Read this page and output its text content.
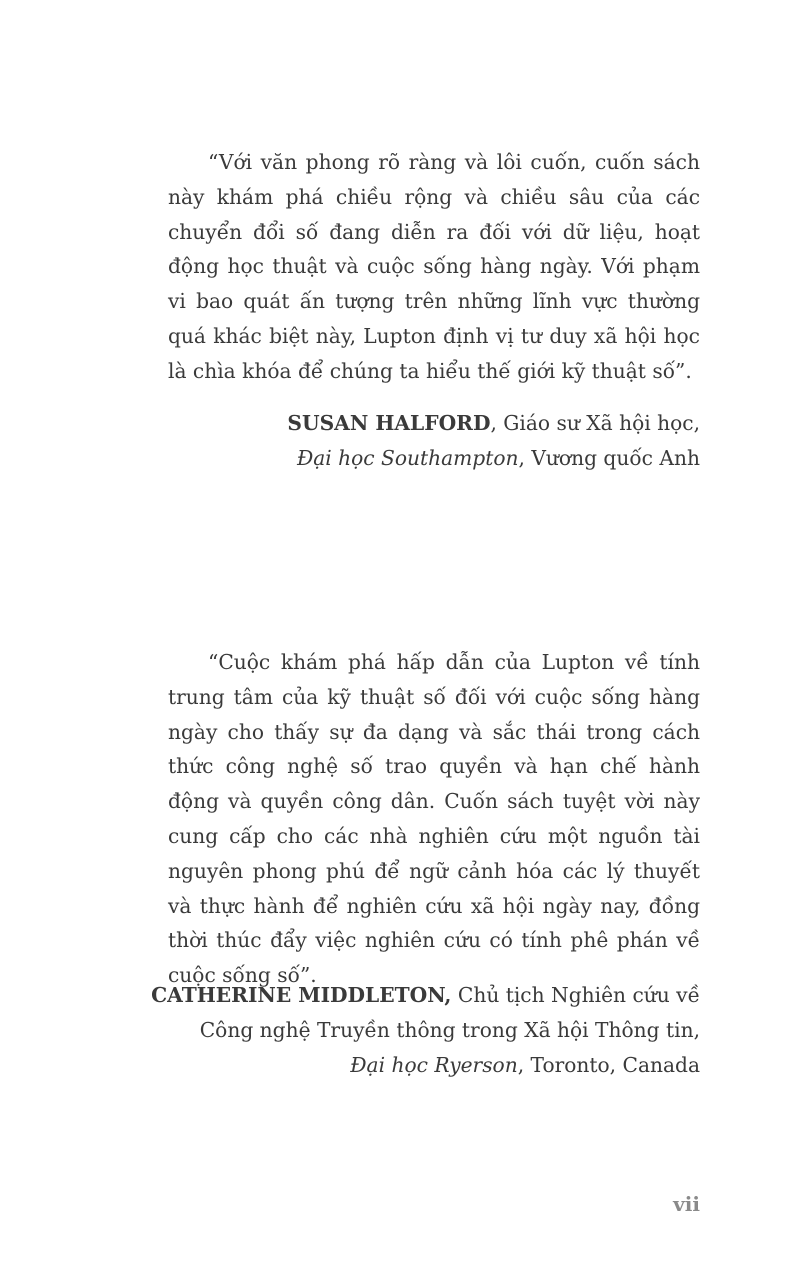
“Với văn phong rõ ràng và lôi cuốn, cuốn sách này khám phá chiều rộng và chiều sâu của các chuyển đổi số đang diễn ra đối với dữ liệu, hoạt động học thuật và cuộc sống hàng ngày. Với phạm vi bao quát ấn tượng trên những lĩnh vực thường quá khác biệt này, Lupton định vị tư duy xã hội học là chìa khóa để chúng ta hiểu thế giới kỹ thuật số”.

SUSAN HALFORD, Giáo sư Xã hội học,
Đại học Southampton, Vương quốc Anh

“Cuộc khám phá hấp dẫn của Lupton về tính trung tâm của kỹ thuật số đối với cuộc sống hàng ngày cho thấy sự đa dạng và sắc thái trong cách thức công nghệ số trao quyền và hạn chế hành động và quyền công dân. Cuốn sách tuyệt vời này cung cấp cho các nhà nghiên cứu một nguồn tài nguyên phong phú để ngữ cảnh hóa các lý thuyết và thực hành để nghiên cứu xã hội ngày nay, đồng thời thúc đẩy việc nghiên cứu có tính phê phán về cuộc sống số”.

CATHERINE MIDDLETON, Chủ tịch Nghiên cứu về
Công nghệ Truyền thông trong Xã hội Thông tin,
Đại học Ryerson, Toronto, Canada
vii
